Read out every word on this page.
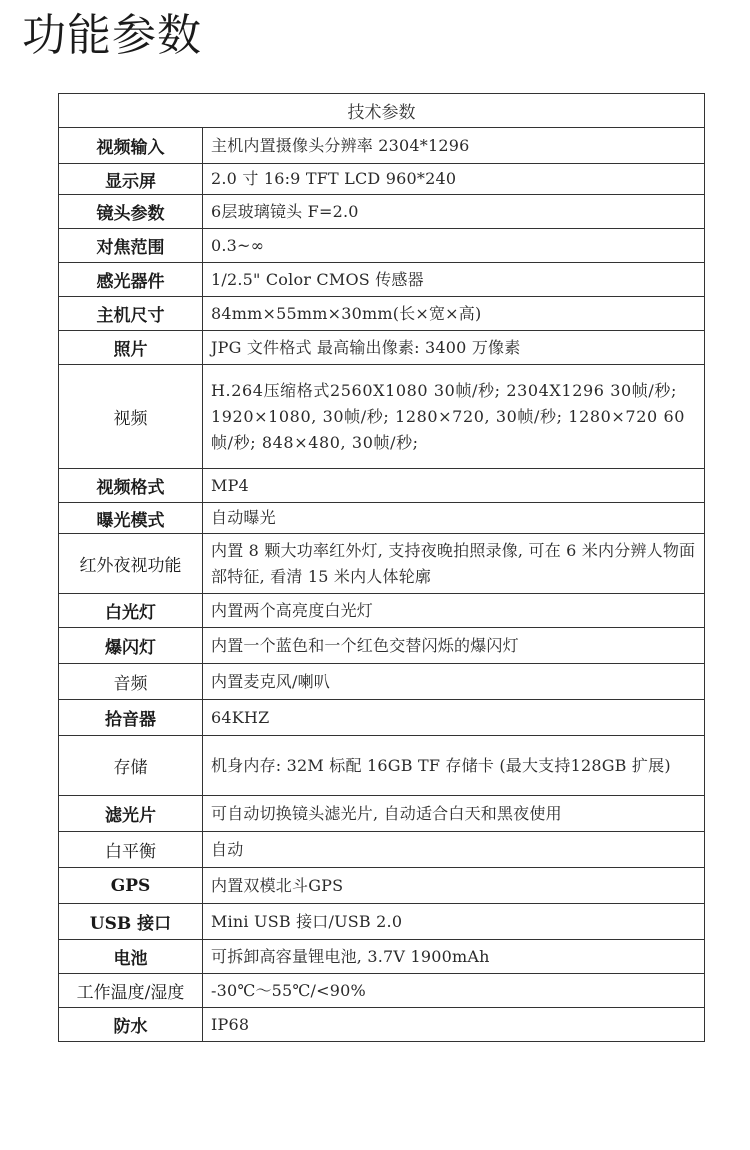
功能参数
技术参数	
视频输入	主机内置摄像头分辨率 2304*1296
显示屏	2.0 寸 16:9 TFT LCD 960*240
镜头参数	6层玻璃镜头 F=2.0
对焦范围	0.3~∞
感光器件	1/2.5" Color CMOS 传感器
主机尺寸	84mm×55mm×30mm(长×宽×高)
照片	JPG 文件格式 最高输出像素: 3400 万像素
视频	H.264压缩格式2560X1080 30帧/秒; 2304X1296 30帧/秒; 1920×1080, 30帧/秒; 1280×720, 30帧/秒; 1280×720 60帧/秒; 848×480, 30帧/秒;
视频格式	MP4
曝光模式	自动曝光
红外夜视功能	内置 8 颗大功率红外灯, 支持夜晚拍照录像, 可在 6 米内分辨人物面部特征, 看清 15 米内人体轮廓
白光灯	内置两个高亮度白光灯
爆闪灯	内置一个蓝色和一个红色交替闪烁的爆闪灯
音频	内置麦克风/喇叭
拾音器	64KHZ
存储	机身内存: 32M 标配 16GB TF 存储卡 (最大支持128GB 扩展)
滤光片	可自动切换镜头滤光片, 自动适合白天和黑夜使用
白平衡	自动
GPS	内置双模北斗GPS
USB 接口	Mini USB 接口/USB 2.0
电池	可拆卸高容量锂电池, 3.7V 1900mAh
工作温度/湿度	-30℃～55℃/<90%
防水	IP68
